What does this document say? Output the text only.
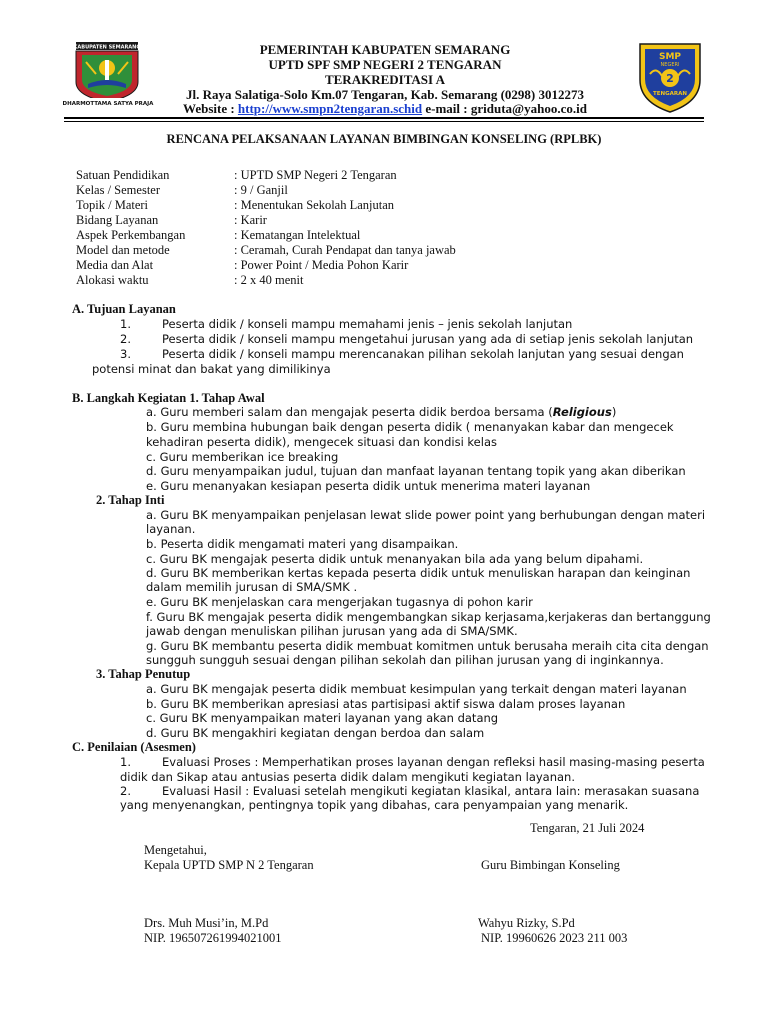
KABUPATEN SEMARANG
DHARMOTTAMA SATYA PRAJA
SMP
NEGERI
2
TENGARAN
PEMERINTAH KABUPATEN SEMARANG
UPTD SPF SMP NEGERI 2 TENGARAN
TERAKREDITASI A
Jl. Raya Salatiga-Solo Km.07 Tengaran, Kab. Semarang (0298) 3012273
Website : http://www.smpn2tengaran.schid e-mail : griduta@yahoo.co.id
RENCANA PELAKSANAAN LAYANAN BIMBINGAN KONSELING (RPLBK)
Satuan Pendidikan	: UPTD SMP Negeri 2 Tengaran
Kelas / Semester	: 9 / Ganjil
Topik / Materi	: Menentukan Sekolah Lanjutan
Bidang Layanan	: Karir
Aspek Perkembangan	: Kematangan Intelektual
Model dan metode	: Ceramah, Curah Pendapat dan tanya jawab
Media dan Alat	: Power Point / Media Pohon Karir
Alokasi waktu	: 2 x 40 menit
A. Tujuan Layanan
1.	Peserta didik / konseli mampu memahami jenis – jenis sekolah lanjutan
2.	Peserta didik / konseli mampu mengetahui jurusan yang ada di setiap jenis sekolah lanjutan
3.	Peserta didik / konseli mampu merencanakan pilihan sekolah lanjutan yang sesuai dengan
potensi minat dan bakat yang dimilikinya
B. Langkah Kegiatan 1. Tahap Awal
a. Guru memberi salam dan mengajak peserta didik berdoa bersama (Religious)
b. Guru membina hubungan baik dengan peserta didik ( menanyakan kabar dan mengecek
kehadiran peserta didik), mengecek situasi dan kondisi kelas
c. Guru memberikan ice breaking
d. Guru menyampaikan judul, tujuan dan manfaat layanan tentang topik yang akan diberikan
e. Guru menanyakan kesiapan peserta didik untuk menerima materi layanan
2. Tahap Inti
a. Guru BK menyampaikan penjelasan lewat slide power point yang berhubungan dengan materi
layanan.
b. Peserta didik mengamati materi yang disampaikan.
c. Guru BK mengajak peserta didik untuk menanyakan bila ada yang belum dipahami.
d. Guru BK memberikan kertas kepada peserta didik untuk menuliskan harapan dan keinginan
dalam memilih jurusan di SMA/SMK .
e. Guru BK menjelaskan cara mengerjakan tugasnya di pohon karir
f. Guru BK mengajak peserta didik mengembangkan sikap kerjasama,kerjakeras dan bertanggung
jawab dengan menuliskan pilihan jurusan yang ada di SMA/SMK.
g. Guru BK membantu peserta didik membuat komitmen untuk berusaha meraih cita cita dengan
sungguh sungguh sesuai dengan pilihan sekolah dan pilihan jurusan yang di inginkannya.
3. Tahap Penutup
a. Guru BK mengajak peserta didik membuat kesimpulan yang terkait dengan materi layanan
b. Guru BK memberikan apresiasi atas partisipasi aktif siswa dalam proses layanan
c. Guru BK menyampaikan materi layanan yang akan datang
d. Guru BK mengakhiri kegiatan dengan berdoa dan salam
C. Penilaian (Asesmen)
1.	Evaluasi Proses : Memperhatikan proses layanan dengan refleksi hasil masing-masing peserta
didik dan Sikap atau antusias peserta didik dalam mengikuti kegiatan layanan.
2.	Evaluasi Hasil : Evaluasi setelah mengikuti kegiatan klasikal, antara lain: merasakan suasana
yang menyenangkan, pentingnya topik yang dibahas, cara penyampaian yang menarik.
Tengaran, 21 Juli 2024
Mengetahui,
Kepala UPTD SMP N 2 Tengaran	Guru Bimbingan Konseling
Drs. Muh Musi’in, M.Pd	Wahyu Rizky, S.Pd
NIP. 196507261994021001	NIP. 19960626 2023 211 003
